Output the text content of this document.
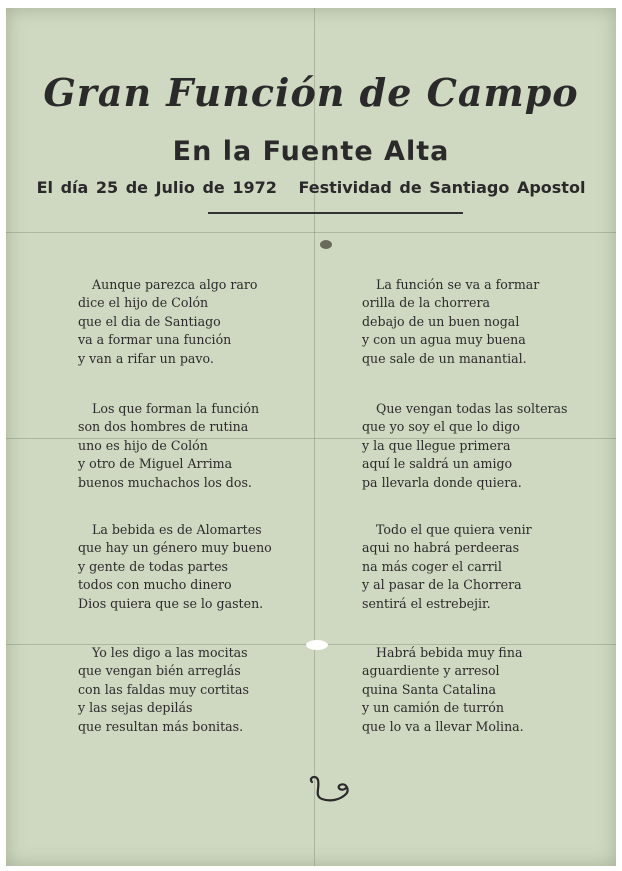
Gran Función de Campo
En la Fuente Alta

El día 25 de Julio de 1972 Festividad de Santiago Apostol

Aunque parezca algo raro
dice el hijo de Colón
que el dia de Santiago
va a formar una función
y van a rifar un pavo.
Los que forman la función
son dos hombres de rutina
uno es hijo de Colón
y otro de Miguel Arrima
buenos muchachos los dos.
La bebida es de Alomartes
que hay un género muy bueno
y gente de todas partes
todos con mucho dinero
Dios quiera que se lo gasten.
Yo les digo a las mocitas
que vengan bién arreglás
con las faldas muy cortitas
y las sejas depilás
que resultan más bonitas.
La función se va a formar
orilla de la chorrera
debajo de un buen nogal
y con un agua muy buena
que sale de un manantial.
Que vengan todas las solteras
que yo soy el que lo digo
y la que llegue primera
aquí le saldrá un amigo
pa llevarla donde quiera.
Todo el que quiera venir
aqui no habrá perdeeras
na más coger el carril
y al pasar de la Chorrera
sentirá el estrebejir.
Habrá bebida muy fina
aguardiente y arresol
quina Santa Catalina
y un camión de turrón
que lo va a llevar Molina.
